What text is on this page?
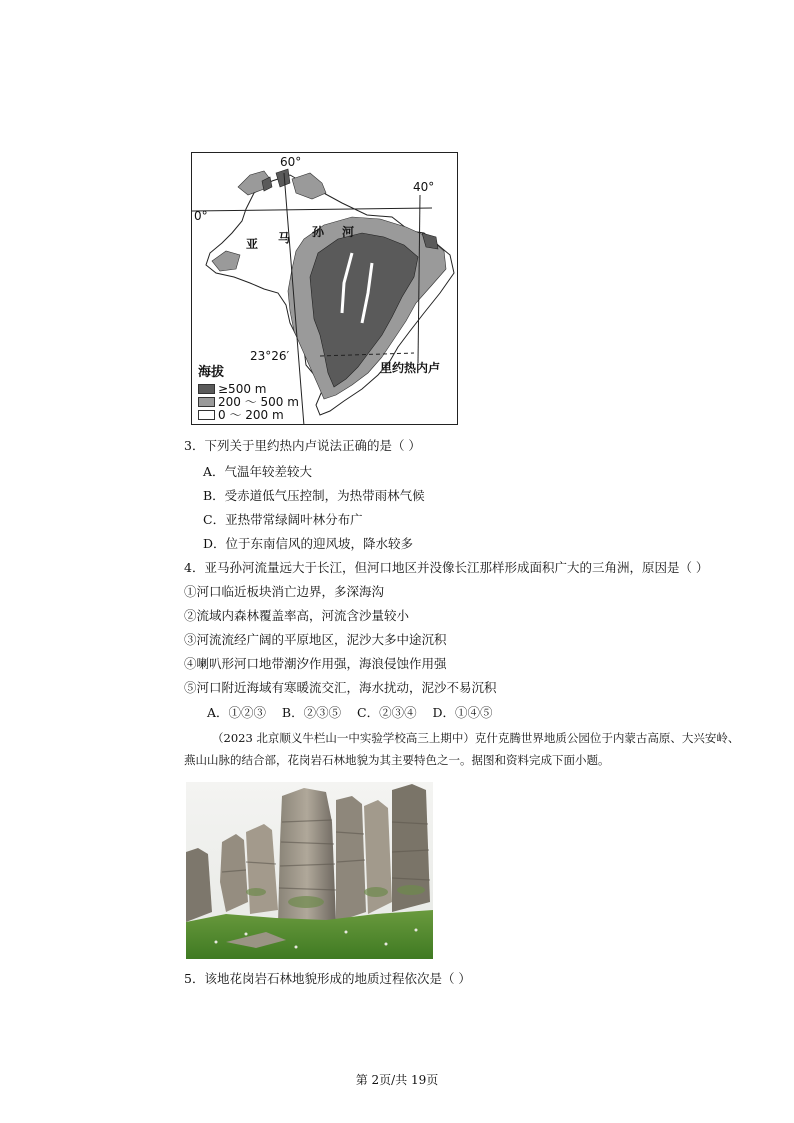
60°
40°
0°
23°26′
亚 马 孙 河
里约热内卢
海拔
≥500 m
200 ～ 500 m
0 ～ 200 m
3．下列关于里约热内卢说法正确的是（ ）
A．气温年较差较大
B．受赤道低气压控制，为热带雨林气候
C．亚热带常绿阔叶林分布广
D．位于东南信风的迎风坡，降水较多
4．亚马孙河流量远大于长江，但河口地区并没像长江那样形成面积广大的三角洲，原因是（ ）
①河口临近板块消亡边界，多深海沟
②流域内森林覆盖率高，河流含沙量较小
③河流流经广阔的平原地区，泥沙大多中途沉积
④喇叭形河口地带潮汐作用强，海浪侵蚀作用强
⑤河口附近海域有寒暖流交汇，海水扰动，泥沙不易沉积
A．①②③    B．②③⑤    C．②③④    D．①④⑤
（2023 北京顺义牛栏山一中实验学校高三上期中）克什克腾世界地质公园位于内蒙古高原、大兴安岭、
燕山山脉的结合部，花岗岩石林地貌为其主要特色之一。据图和资料完成下面小题。
5．该地花岗岩石林地貌形成的地质过程依次是（ ）
第 2页/共 19页
